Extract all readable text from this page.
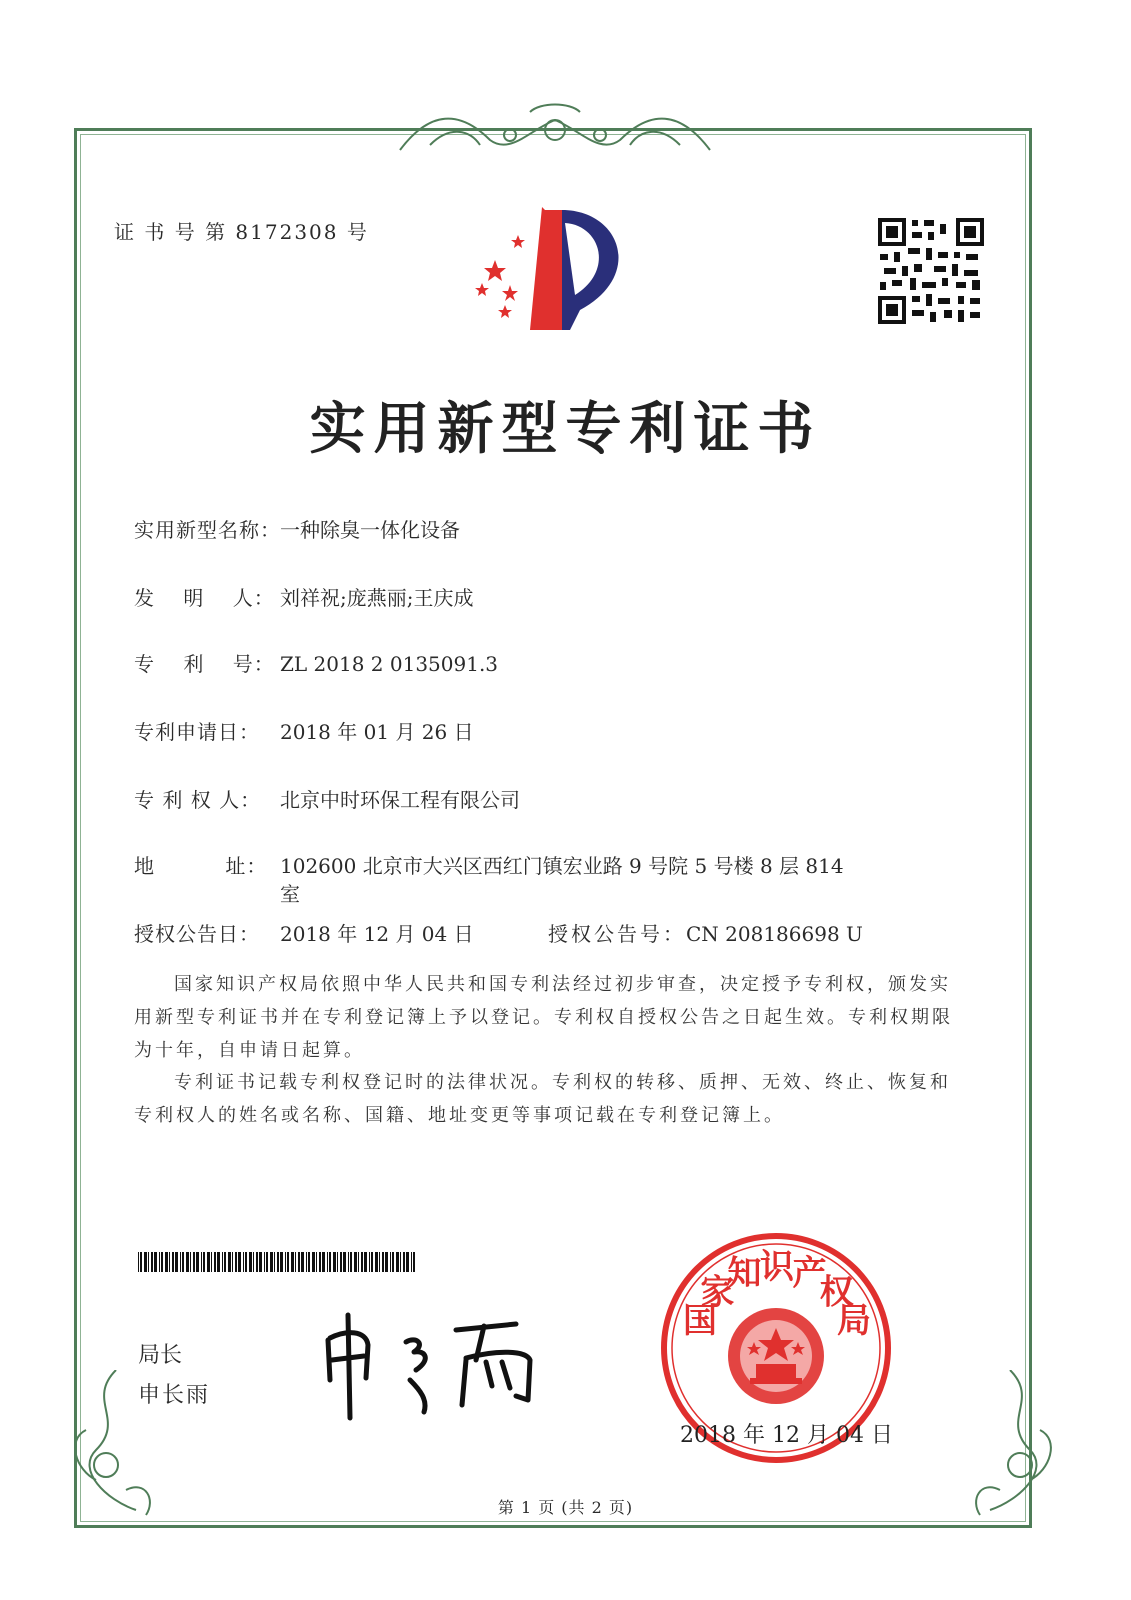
证 书 号 第 8172308 号
实用新型专利证书
实用新型名称：一种除臭一体化设备
发　 明 　人： 刘祥祝;庞燕丽;王庆成
专　 利 　号： ZL 2018 2 0135091.3
专利申请日： 2018 年 01 月 26 日
专 利 权 人： 北京中时环保工程有限公司
地　　　 址： 102600 北京市大兴区西红门镇宏业路 9 号院 5 号楼 8 层 814 室
授权公告日： 2018 年 12 月 04 日	授权公告号：CN 208186698 U
国家知识产权局依照中华人民共和国专利法经过初步审查，决定授予专利权，颁发实用新型专利证书并在专利登记簿上予以登记。专利权自授权公告之日起生效。专利权期限为十年，自申请日起算。
专利证书记载专利权登记时的法律状况。专利权的转移、质押、无效、终止、恢复和专利权人的姓名或名称、国籍、地址变更等事项记载在专利登记簿上。
局长
申长雨
国家知识产权局
2018 年 12 月 04 日
第 1 页 (共 2 页)
